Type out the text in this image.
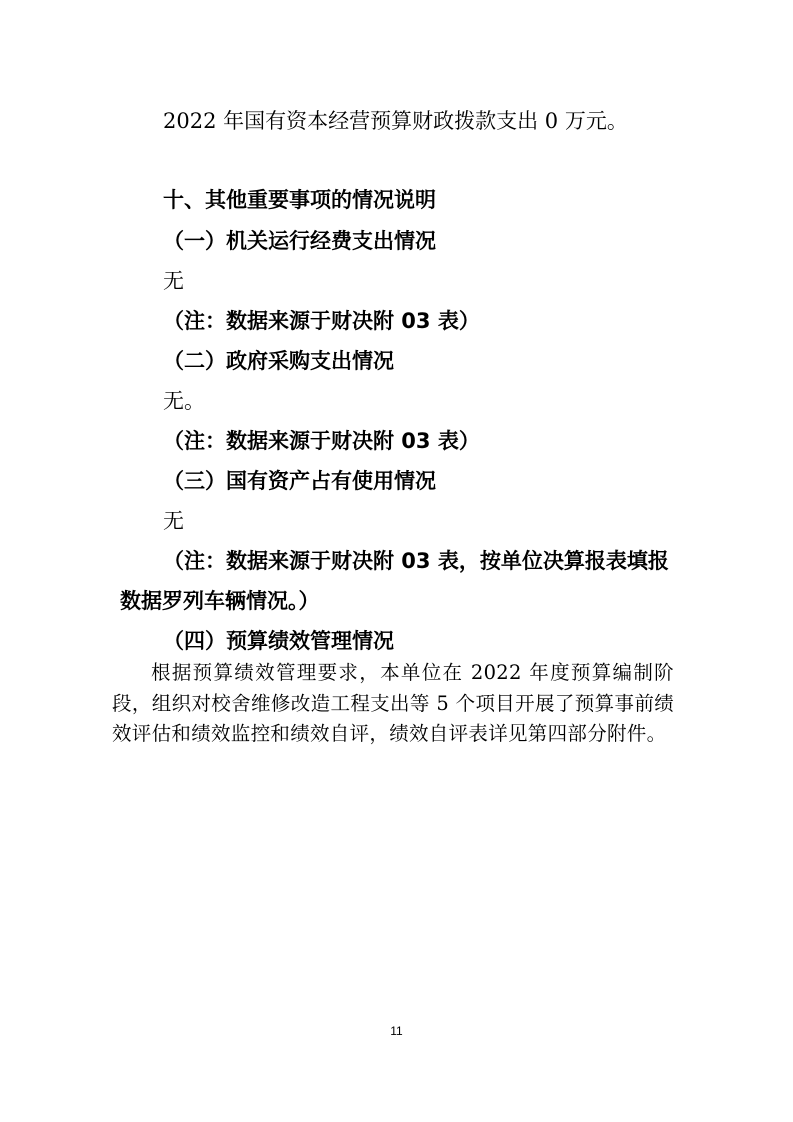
2022 年国有资本经营预算财政拨款支出 0 万元。
十、其他重要事项的情况说明
（一）机关运行经费支出情况
无
（注：数据来源于财决附 03 表）
（二）政府采购支出情况
无。
（注：数据来源于财决附 03 表）
（三）国有资产占有使用情况
无
（注：数据来源于财决附 03 表，按单位决算报表填报
数据罗列车辆情况。）
（四）预算绩效管理情况
根据预算绩效管理要求，本单位在 2022 年度预算编制阶段，组织对校舍维修改造工程支出等 5 个项目开展了预算事前绩效评估和绩效监控和绩效自评，绩效自评表详见第四部分附件。
11
